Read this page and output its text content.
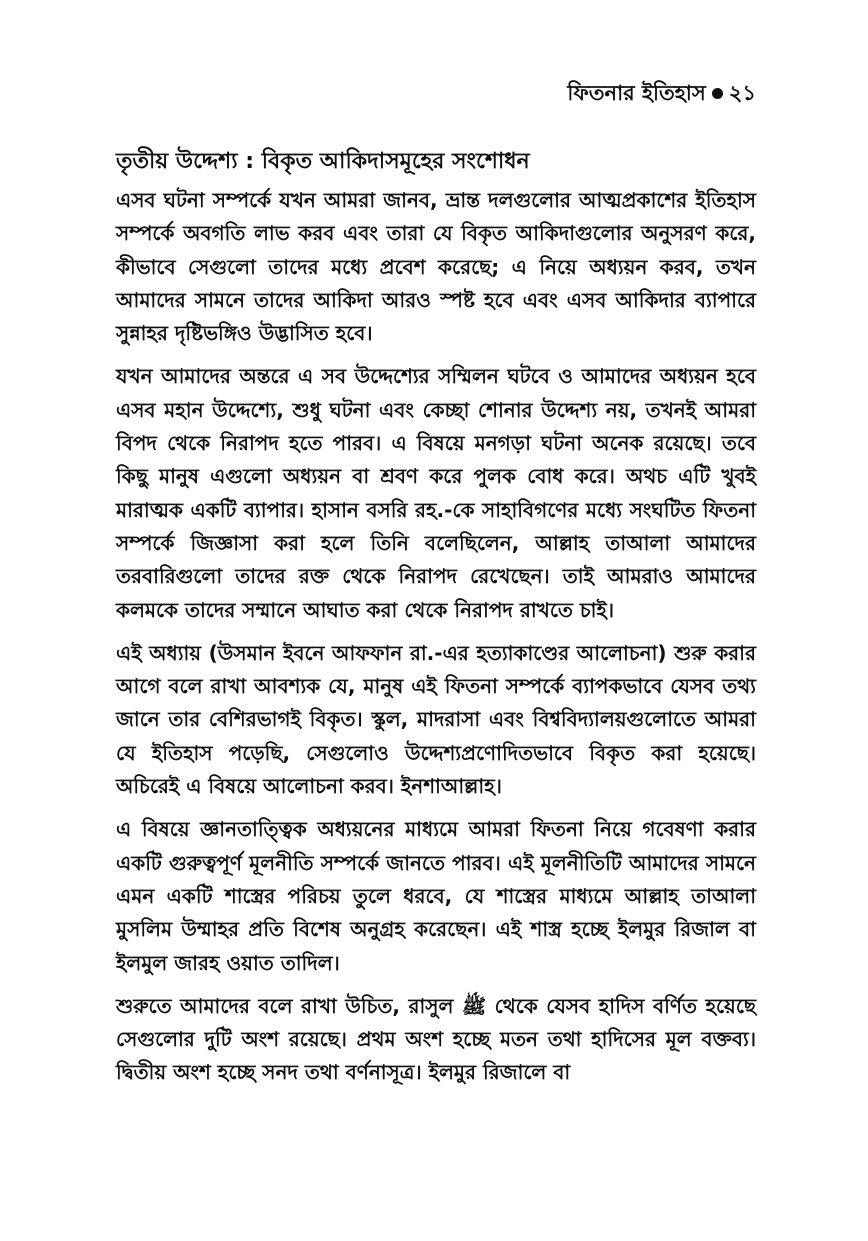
ফিতনার ইতিহাস ২১
তৃতীয় উদ্দেশ্য : বিকৃত আকিদাসমূহের সংশোধন

এসব ঘটনা সম্পর্কে যখন আমরা জানব, ভ্রান্ত দলগুলোর আত্মপ্রকাশের ইতিহাস সম্পর্কে অবগতি লাভ করব এবং তারা যে বিকৃত আকিদাগুলোর অনুসরণ করে, কীভাবে সেগুলো তাদের মধ্যে প্রবেশ করেছে; এ নিয়ে অধ্যয়ন করব, তখন আমাদের সামনে তাদের আকিদা আরও স্পষ্ট হবে এবং এসব আকিদার ব্যাপারে সুন্নাহর দৃষ্টিভঙ্গিও উদ্ভাসিত হবে।

যখন আমাদের অন্তরে এ সব উদ্দেশ্যের সম্মিলন ঘটবে ও আমাদের অধ্যয়ন হবে এসব মহান উদ্দেশ্যে, শুধু ঘটনা এবং কেচ্ছা শোনার উদ্দেশ্য নয়, তখনই আমরা বিপদ থেকে নিরাপদ হতে পারব। এ বিষয়ে মনগড়া ঘটনা অনেক রয়েছে। তবে কিছু মানুষ এগুলো অধ্যয়ন বা শ্রবণ করে পুলক বোধ করে। অথচ এটি খুবই মারাত্মক একটি ব্যাপার। হাসান বসরি রহ.-কে সাহাবিগণের মধ্যে সংঘটিত ফিতনা সম্পর্কে জিজ্ঞাসা করা হলে তিনি বলেছিলেন, আল্লাহ তাআলা আমাদের তরবারিগুলো তাদের রক্ত থেকে নিরাপদ রেখেছেন। তাই আমরাও আমাদের কলমকে তাদের সম্মানে আঘাত করা থেকে নিরাপদ রাখতে চাই।

এই অধ্যায় (উসমান ইবনে আফফান রা.-এর হত্যাকাণ্ডের আলোচনা) শুরু করার আগে বলে রাখা আবশ্যক যে, মানুষ এই ফিতনা সম্পর্কে ব্যাপকভাবে যেসব তথ্য জানে তার বেশিরভাগই বিকৃত। স্কুল, মাদরাসা এবং বিশ্ববিদ্যালয়গুলোতে আমরা যে ইতিহাস পড়েছি, সেগুলোও উদ্দেশ্যপ্রণোদিতভাবে বিকৃত করা হয়েছে। অচিরেই এ বিষয়ে আলোচনা করব। ইনশাআল্লাহ।

এ বিষয়ে জ্ঞানতাত্ত্বিক অধ্যয়নের মাধ্যমে আমরা ফিতনা নিয়ে গবেষণা করার একটি গুরুত্বপূর্ণ মূলনীতি সম্পর্কে জানতে পারব। এই মূলনীতিটি আমাদের সামনে এমন একটি শাস্ত্রের পরিচয় তুলে ধরবে, যে শাস্ত্রের মাধ্যমে আল্লাহ তাআলা মুসলিম উম্মাহর প্রতি বিশেষ অনুগ্রহ করেছেন। এই শাস্ত্র হচ্ছে ইলমুর রিজাল বা ইলমুল জারহ ওয়াত তাদিল।

শুরুতে আমাদের বলে রাখা উচিত, রাসুল ﷺ থেকে যেসব হাদিস বর্ণিত হয়েছে সেগুলোর দুটি অংশ রয়েছে। প্রথম অংশ হচ্ছে মতন তথা হাদিসের মূল বক্তব্য। দ্বিতীয় অংশ হচ্ছে সনদ তথা বর্ণনাসূত্র। ইলমুর রিজালে বা
